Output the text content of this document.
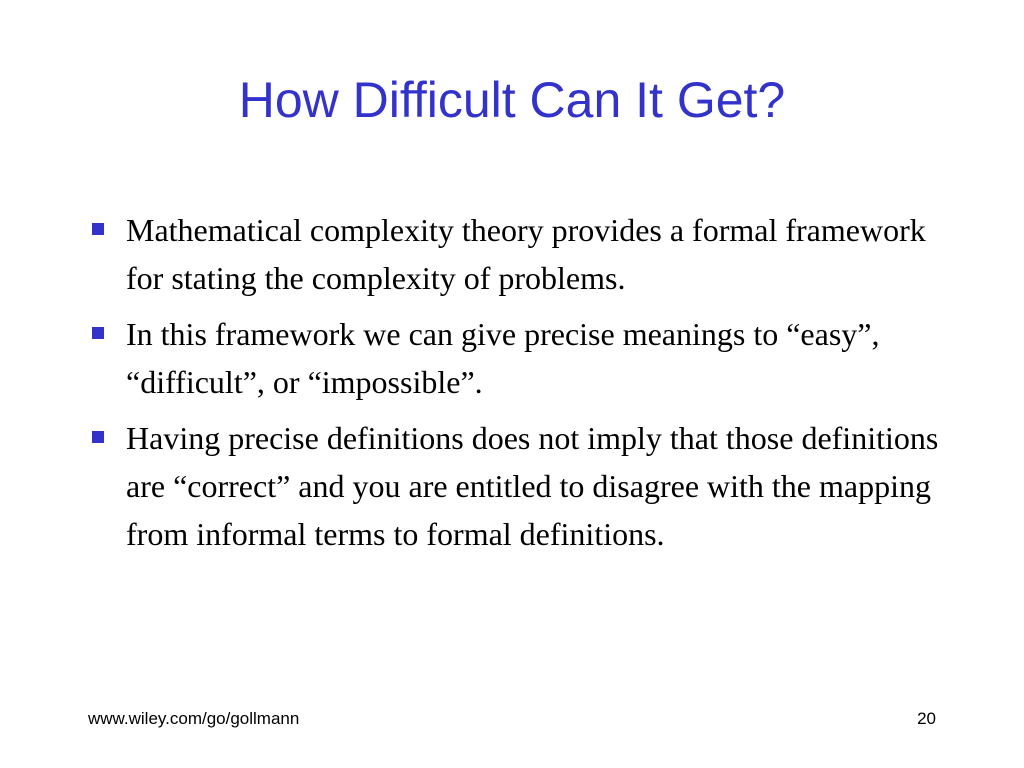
How Difficult Can It Get?
Mathematical complexity theory provides a formal framework for stating the complexity of problems.
In this framework we can give precise meanings to “easy”, “difficult”, or “impossible”.
Having precise definitions does not imply that those definitions are “correct” and you are entitled to disagree with the mapping from informal terms to formal definitions.
www.wiley.com/go/gollmann	20
